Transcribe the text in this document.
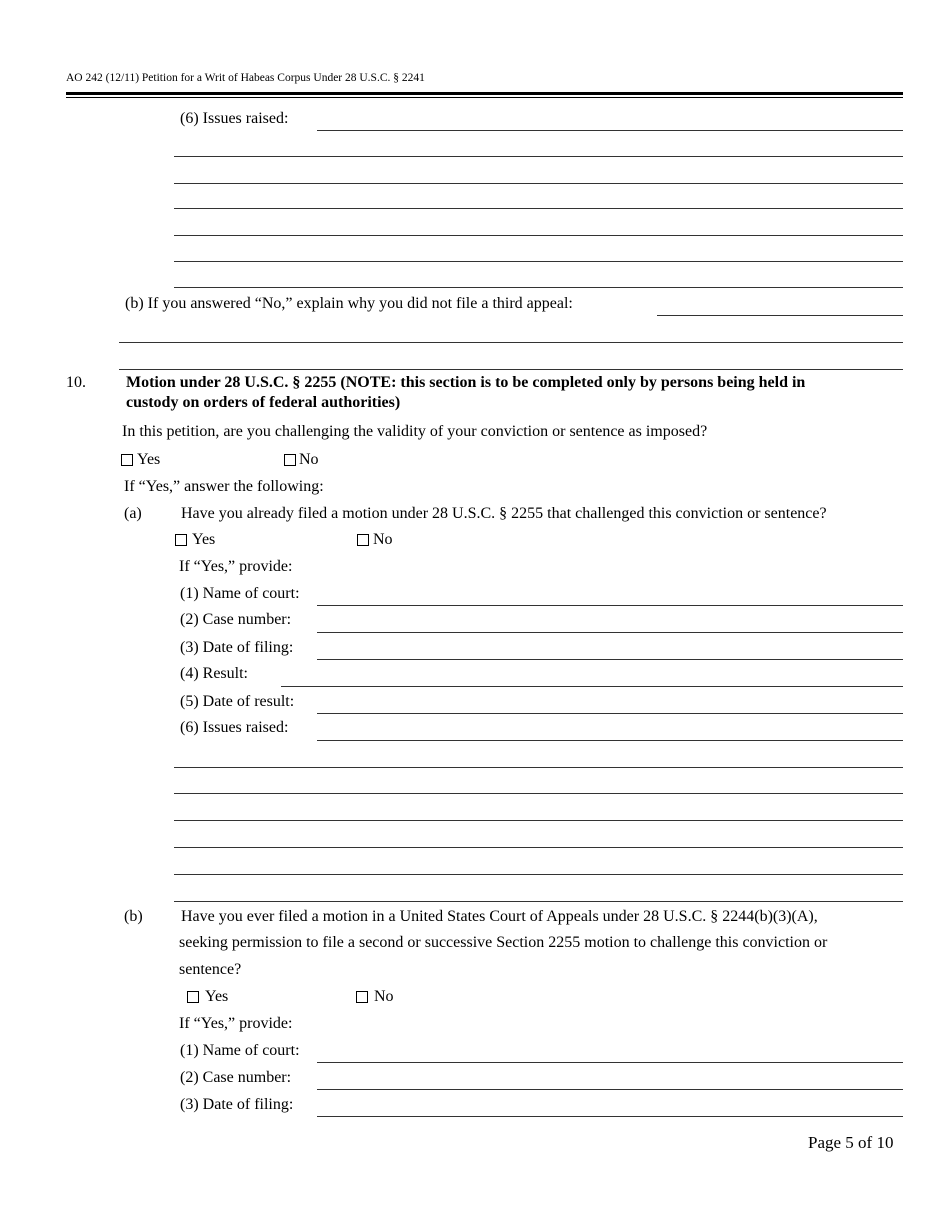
AO 242 (12/11) Petition for a Writ of Habeas Corpus Under 28 U.S.C. § 2241
(6) Issues raised:
(b) If you answered “No,” explain why you did not file a third appeal:
10.	Motion under 28 U.S.C. § 2255 (NOTE: this section is to be completed only by persons being held in
custody on orders of federal authorities)
In this petition, are you challenging the validity of your conviction or sentence as imposed?
Yes	No
If “Yes,” answer the following:
(a) Have you already filed a motion under 28 U.S.C. § 2255 that challenged this conviction or sentence?
Yes	No
If “Yes,” provide:
(1) Name of court:
(2) Case number:
(3) Date of filing:
(4) Result:
(5) Date of result:
(6) Issues raised:
(b) Have you ever filed a motion in a United States Court of Appeals under 28 U.S.C. § 2244(b)(3)(A),
seeking permission to file a second or successive Section 2255 motion to challenge this conviction or
sentence?
Yes	No
If “Yes,” provide:
(1) Name of court:
(2) Case number:
(3) Date of filing:
Page 5 of 10
